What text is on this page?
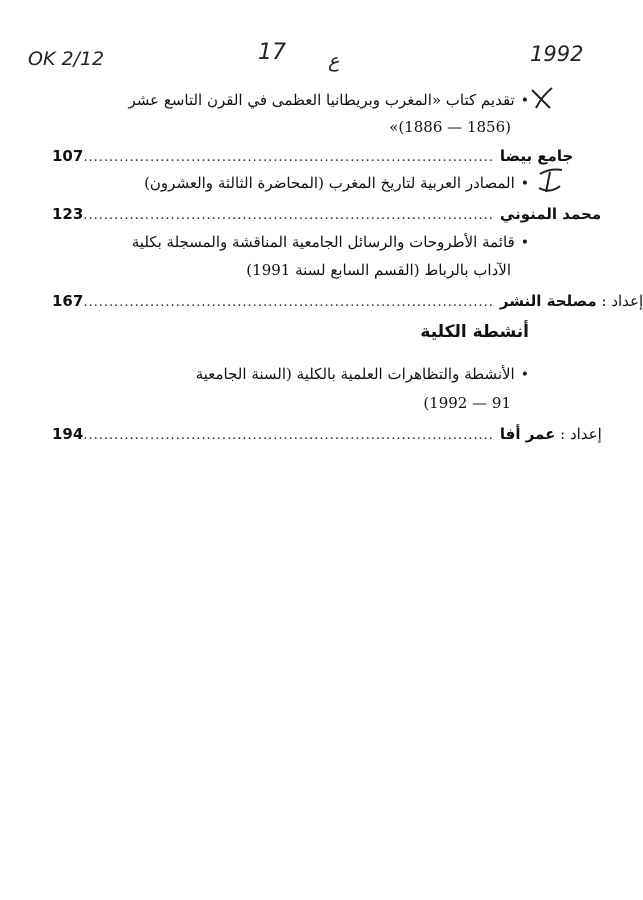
OK 2/12	17 ع	1992
•تقديم كتاب «المغرب وبريطانيا العظمى في القرن التاسع عشر
(1856 — 1886)»
107 ................................................................................ جامع بيضا
•المصادر العربية لتاريخ المغرب (المحاضرة الثالثة والعشرون)
123 ................................................................................ محمد المنوني
•قائمة الأطروحات والرسائل الجامعية المناقشة والمسجلة بكلية
الآداب بالرباط (القسم السابع لسنة 1991)
167 ................................................................................	إعداد : مصلحة النشر
أنشطة الكلية
•الأنشطة والتظاهرات العلمية بالكلية (السنة الجامعية
91 — 1992)
194 ................................................................................	إعداد : عمر أفا
